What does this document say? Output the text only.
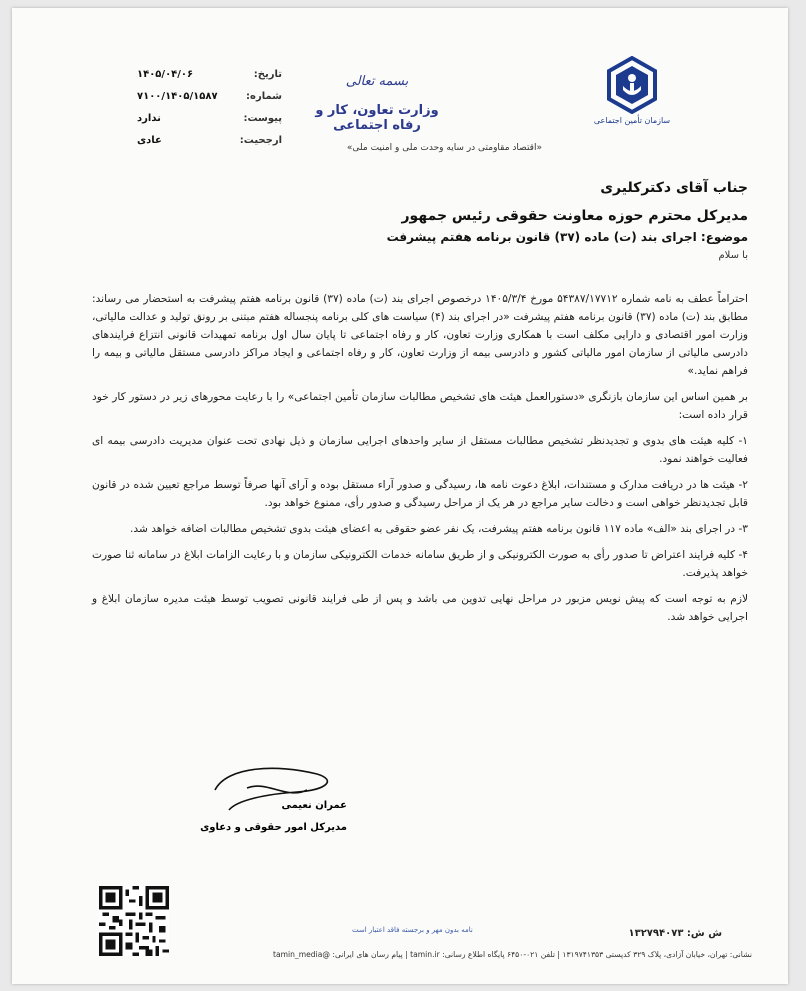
سازمان تأمین اجتماعی
بسمه تعالی
وزارت تعاون، کار و رفاه اجتماعی
«اقتصاد مقاومتی در سایه وحدت ملی و امنیت ملی»
۱۴۰۵/۰۴/۰۶	تاریخ:
۷۱۰۰/۱۴۰۵/۱۵۸۷	شماره:
ندارد	پیوست:
عادی	ارجحیت:
جناب آقای دکترکلیری
مدیرکل محترم حوزه معاونت حقوقی رئیس جمهور
موضوع: اجرای بند (ت) ماده (۳۷) قانون برنامه هفتم پیشرفت
با سلام

احتراماً عطف به نامه شماره ۵۴۳۸۷/۱۷۷۱۲ مورخ ۱۴۰۵/۳/۴ درخصوص اجرای بند (ت) ماده (۳۷) قانون برنامه هفتم پیشرفت به استحضار می رساند: مطابق بند (ت) ماده (۳۷) قانون برنامه هفتم پیشرفت «در اجرای بند (۴) سیاست های کلی برنامه پنجساله هفتم مبتنی بر رونق تولید و عدالت مالیاتی، وزارت امور اقتصادی و دارایی مکلف است با همکاری وزارت تعاون، کار و رفاه اجتماعی تا پایان سال اول برنامه تمهیدات قانونی انتزاع فرایندهای دادرسی مالیاتی از سازمان امور مالیاتی کشور و دادرسی بیمه از وزارت تعاون، کار و رفاه اجتماعی و ایجاد مراکز دادرسی مستقل مالیاتی و بیمه را فراهم نماید.»

بر همین اساس این سازمان بازنگری «دستورالعمل هیئت های تشخیص مطالبات سازمان تأمین اجتماعی» را با رعایت محورهای زیر در دستور کار خود قرار داده است:

۱- کلیه هیئت های بدوی و تجدیدنظر تشخیص مطالبات مستقل از سایر واحدهای اجرایی سازمان و ذیل نهادی تحت عنوان مدیریت دادرسی بیمه ای فعالیت خواهند نمود.

۲- هیئت ها در دریافت مدارک و مستندات، ابلاغ دعوت نامه ها، رسیدگی و صدور آراء مستقل بوده و آرای آنها صرفاً توسط مراجع تعیین شده در قانون قابل تجدیدنظر خواهی است و دخالت سایر مراجع در هر یک از مراحل رسیدگی و صدور رأی، ممنوع خواهد بود.

۳- در اجرای بند «الف» ماده ۱۱۷ قانون برنامه هفتم پیشرفت، یک نفر عضو حقوقی به اعضای هیئت بدوی تشخیص مطالبات اضافه خواهد شد.

۴- کلیه فرایند اعتراض تا صدور رأی به صورت الکترونیکی و از طریق سامانه خدمات الکترونیکی سازمان و با رعایت الزامات ابلاغ در سامانه ثنا صورت خواهد پذیرفت.

لازم به توجه است که پیش نویس مزبور در مراحل نهایی تدوین می باشد و پس از طی فرایند قانونی تصویب توسط هیئت مدیره سازمان ابلاغ و اجرایی خواهد شد.

عمران نعیمی
مدیرکل امور حقوقی و دعاوی
ش ش: ۱۳۲۷۹۴۰۷۳
نامه بدون مهر و برجسته فاقد اعتبار است
نشانی: تهران، خیابان آزادی، پلاک ۳۲۹ کدپستی ۱۳۱۹۷۴۱۳۵۳ | تلفن ۰۲۱-۶۴۵۰ پایگاه اطلاع رسانی: tamin.ir | پیام رسان های ایرانی: @tamin_media
